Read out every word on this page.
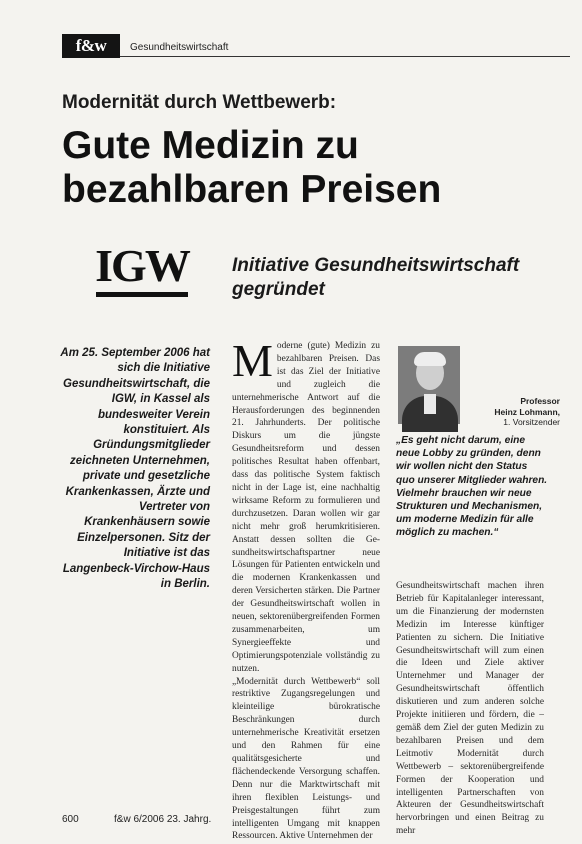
f&w	Gesundheitswirtschaft
Modernität durch Wettbewerb:
Gute Medizin zu bezahlbaren Preisen
IGW Initiative Gesundheitswirtschaft gegründet
Am 25. September 2006 hat sich die Initiative Gesundheitswirtschaft, die IGW, in Kassel als bundesweiter Verein konstituiert. Als Gründungsmitglieder zeichneten Unternehmen, private und gesetzliche Krankenkassen, Ärzte und Vertreter von Krankenhäusern sowie Einzelpersonen. Sitz der Initiative ist das Langenbeck-Virchow-Haus in Berlin.
M oderne (gute) Medizin zu bezahlbaren Preisen. Das ist das Ziel der Initiative und zugleich die unternehmerische Antwort auf die Herausforderungen des beginnenden 21. Jahrhunderts. Der politische Diskurs um die jüngste Gesundheitsreform und dessen politisches Resultat haben offenbart, dass das politische System faktisch nicht in der Lage ist, eine nachhaltig wirksame Reform zu formulieren und durchzusetzen. Daran wollen wir gar nicht mehr groß herumkritisieren. Anstatt dessen sollten die Gesundheitswirtschaftspartner neue Lösungen für Patienten entwickeln und die modernen Krankenkassen und deren Versicherten stärken. Die Partner der Gesundheitswirtschaft wollen in neuen, sektorenübergreifenden Formen zusammenarbeiten, um Synergieeffekte und Optimierungspotenziale vollständig zu nutzen.

„Modernität durch Wettbewerb“ soll restriktive Zugangsregelungen und kleinteilige bürokratische Beschränkungen durch unternehmerische Kreativität ersetzen und den Rahmen für eine qualitätsgesicherte und flächendeckende Versorgung schaffen. Denn nur die Marktwirtschaft mit ihren flexiblen Leistungs- und Preisgestaltungen führt zum intelligenten Umgang mit knappen Ressourcen. Aktive Unternehmen der

Professor
Heinz Lohmann,
1. Vorsitzender
„Es geht nicht darum, eine neue Lobby zu gründen, denn wir wollen nicht den Status quo unserer Mitglieder wahren. Vielmehr brauchen wir neue Strukturen und Mechanismen, um moderne Medizin für alle möglich zu machen.“

Gesundheitswirtschaft machen ihren Betrieb für Kapitalanleger interessant, um die Finanzierung der modernsten Medizin im Interesse künftiger Patienten zu sichern. Die Initiative Gesundheitswirtschaft will zum einen die Ideen und Ziele aktiver Unternehmer und Manager der Gesundheitswirtschaft öffentlich diskutieren und zum anderen solche Projekte initiieren und fördern, die – gemäß dem Ziel der guten Medizin zu bezahlbaren Preisen und dem Leitmotiv Modernität durch Wettbewerb – sektorenübergreifende Formen der Kooperation und intelligenten Partnerschaften von Akteuren der Gesundheitswirtschaft hervorbringen und einen Beitrag zu mehr

600	f&w 6/2006 23. Jahrg.
